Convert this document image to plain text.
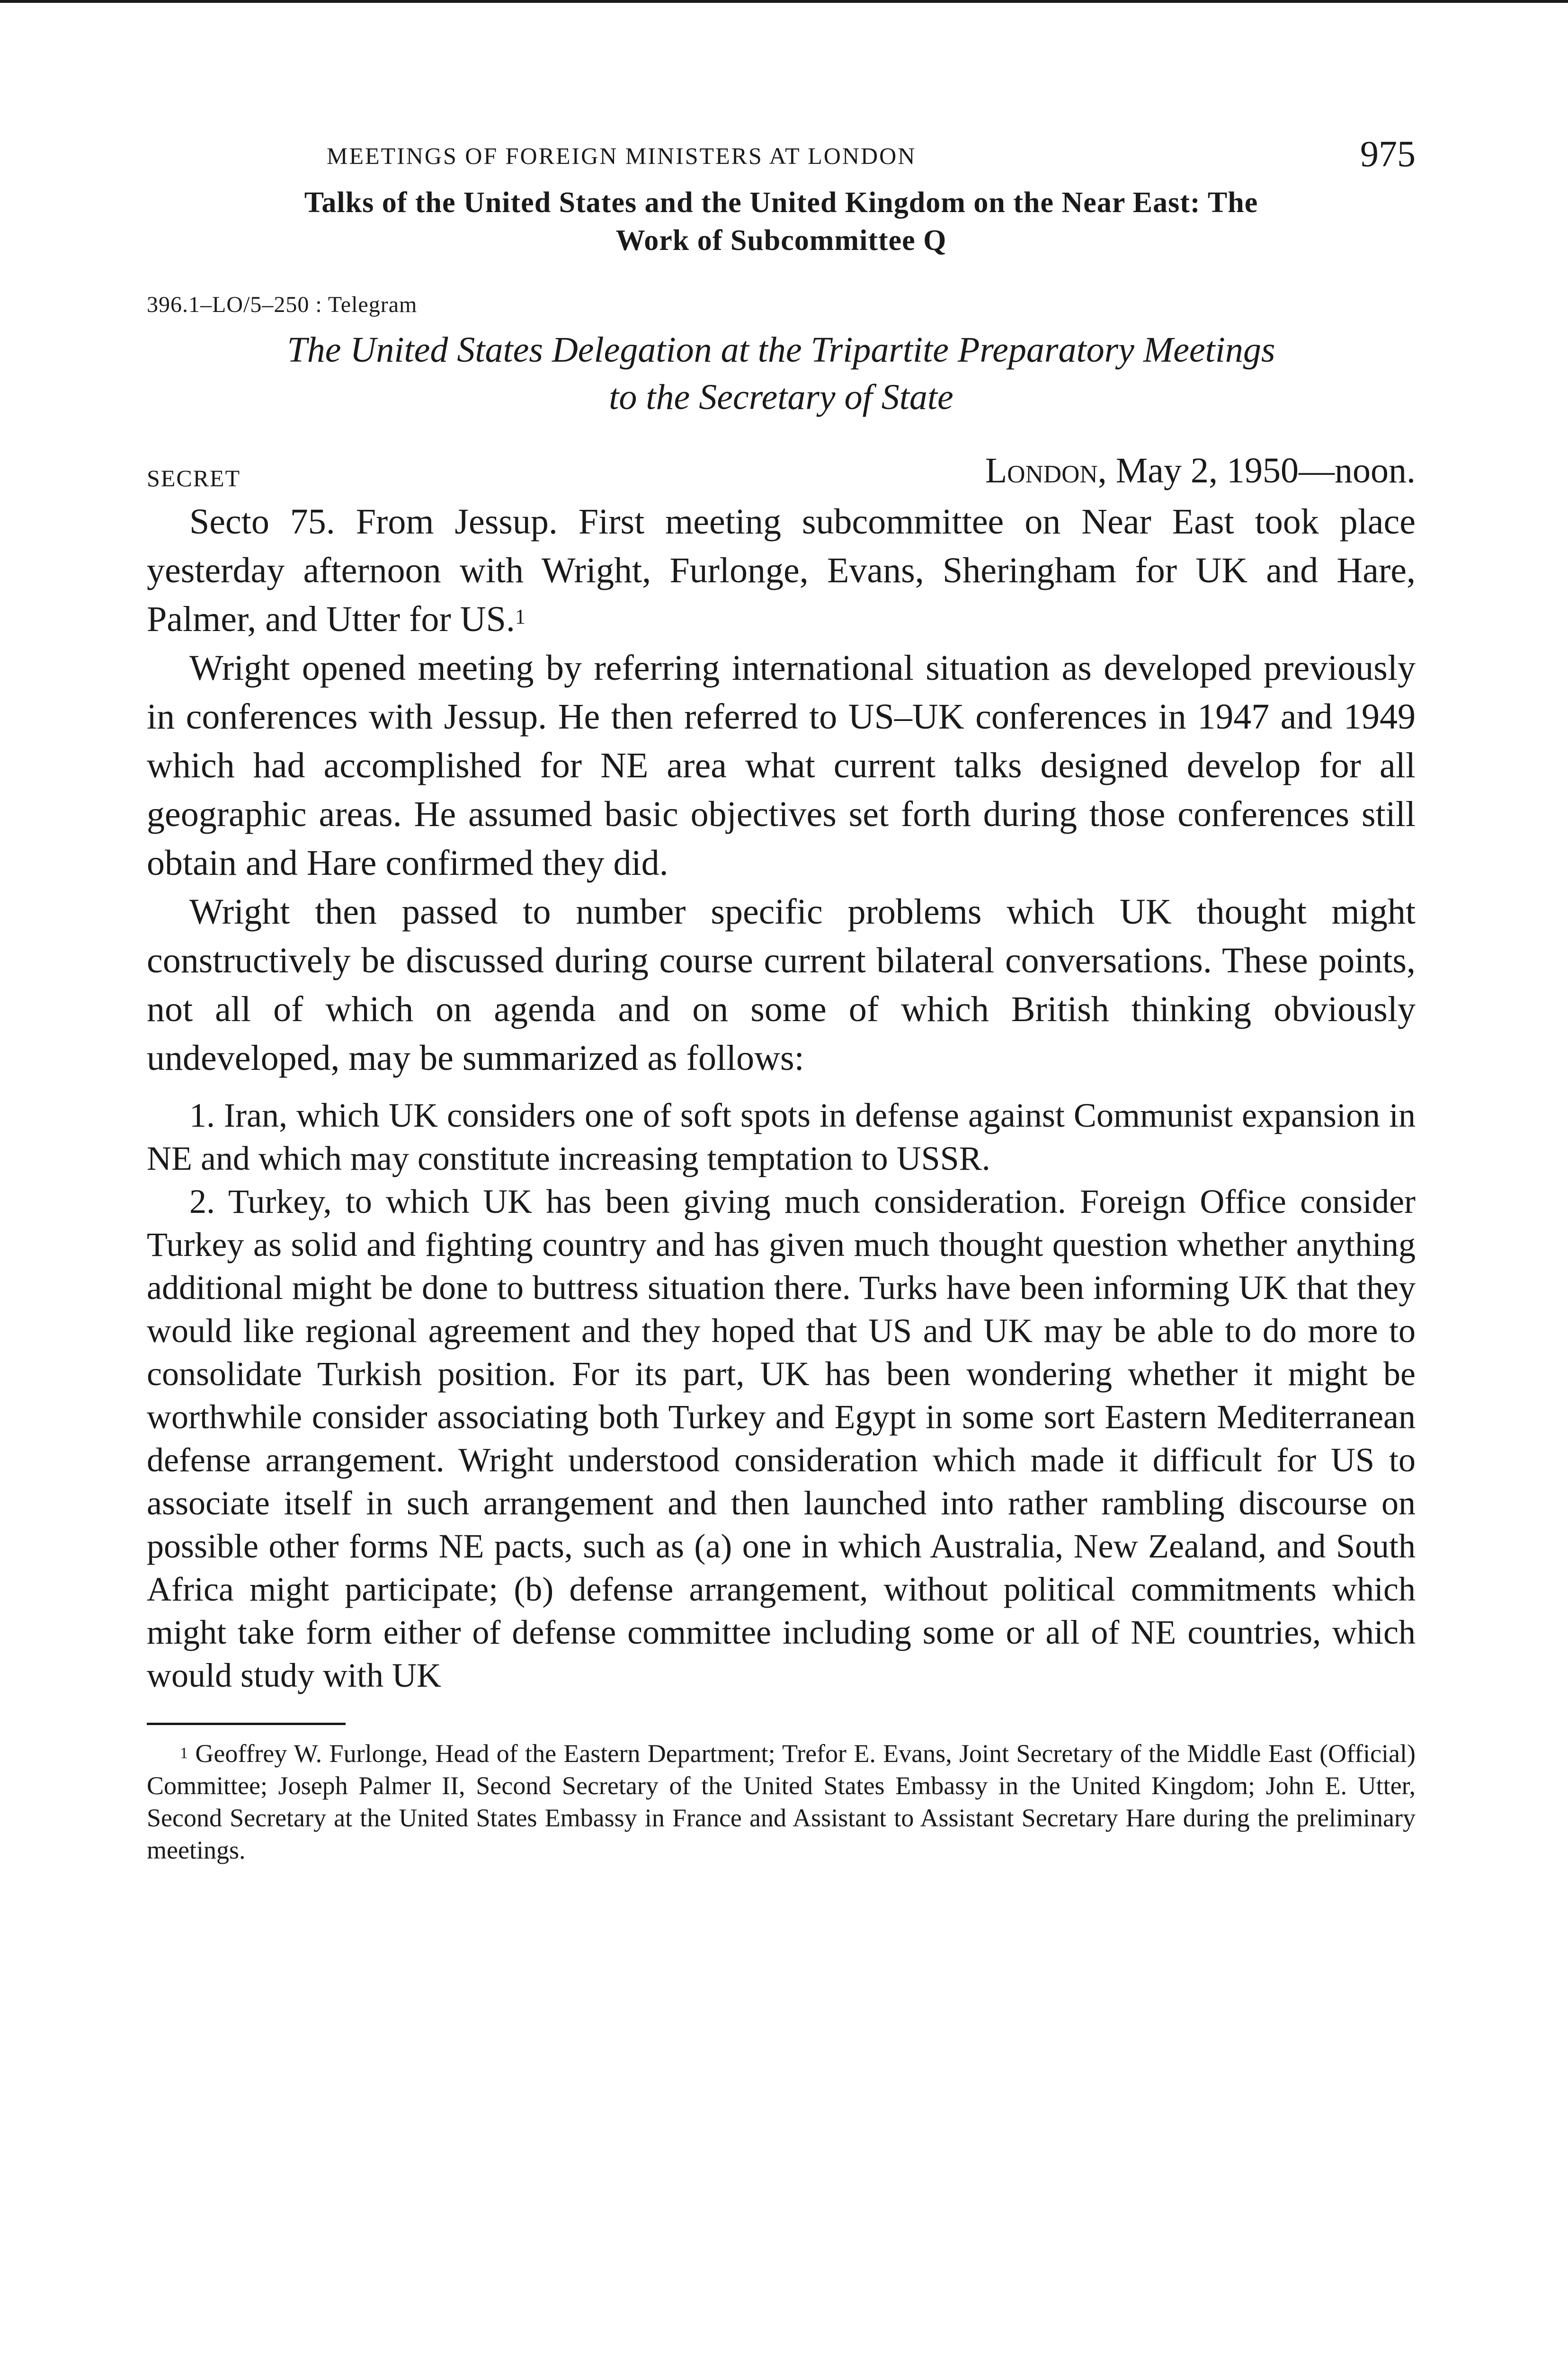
MEETINGS OF FOREIGN MINISTERS AT LONDON	975
Talks of the United States and the United Kingdom on the Near East: The
Work of Subcommittee Q
396.1–LO/5–250 : Telegram
The United States Delegation at the Tripartite Preparatory Meetings
to the Secretary of State
SECRET	London, May 2, 1950—noon.

Secto 75. From Jessup. First meeting subcommittee on Near East took place yesterday afternoon with Wright, Furlonge, Evans, Sheringham for UK and Hare, Palmer, and Utter for US.$^1$

Wright opened meeting by referring international situation as developed previously in conferences with Jessup. He then referred to US–UK conferences in 1947 and 1949 which had accomplished for NE area what current talks designed develop for all geographic areas. He assumed basic objectives set forth during those conferences still obtain and Hare confirmed they did.

Wright then passed to number specific problems which UK thought might constructively be discussed during course current bilateral conversations. These points, not all of which on agenda and on some of which British thinking obviously undeveloped, may be summarized as follows:

1. Iran, which UK considers one of soft spots in defense against Communist expansion in NE and which may constitute increasing temptation to USSR.

2. Turkey, to which UK has been giving much consideration. Foreign Office consider Turkey as solid and fighting country and has given much thought question whether anything additional might be done to buttress situation there. Turks have been informing UK that they would like regional agreement and they hoped that US and UK may be able to do more to consolidate Turkish position. For its part, UK has been wondering whether it might be worthwhile consider associating both Turkey and Egypt in some sort Eastern Mediterranean defense arrangement. Wright understood consideration which made it difficult for US to associate itself in such arrangement and then launched into rather rambling discourse on possible other forms NE pacts, such as (a) one in which Australia, New Zealand, and South Africa might participate; (b) defense arrangement, without political commitments which might take form either of defense committee including some or all of NE countries, which would study with UK

$^1$ Geoffrey W. Furlonge, Head of the Eastern Department; Trefor E. Evans, Joint Secretary of the Middle East (Official) Committee; Joseph Palmer II, Second Secretary of the United States Embassy in the United Kingdom; John E. Utter, Second Secretary at the United States Embassy in France and Assistant to Assistant Secretary Hare during the preliminary meetings.
